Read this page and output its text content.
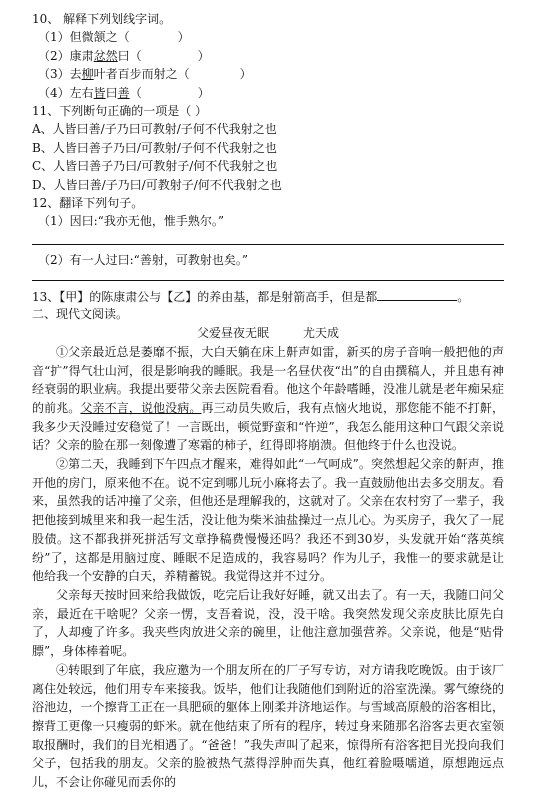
10、 解释下列划线字词。
（1）但微颔之（	）
（2）康肃忿然曰（	）
（3）去柳叶者百步而射之（	）
（4）左右皆曰善（	）
11、下列断句正确的一项是（ ）
A、人皆曰善/子乃曰可教射/子何不代我射之也
B、人皆曰善子乃曰/可教射/子何不代我射之也
C、人皆曰善子乃曰/可教射子/何不代我射之也
D、人皆曰善/子乃曰/可教射子/何不代我射之也
12、翻译下列句子。
（1）因曰:“我亦无他，惟手熟尔。”
（2）有一人过曰:“善射，可教射也矣。”
13、【甲】的陈康肃公与【乙】的养由基，都是射箭高手，但是都	。
二、现代文阅读。
父爱昼夜无眠	尤天成
①父亲最近总是萎靡不振，大白天躺在床上鼾声如雷，新买的房子音响一般把他的声音“扩”得气壮山河，很是影响我的睡眠。我是一名昼伏夜“出”的自由撰稿人，并且患有神经衰弱的职业病。我提出要带父亲去医院看看。他这个年龄嗜睡，没准儿就是老年痴呆症的前兆。父亲不言，说他没病。再三动员失败后，我有点恼火地说，那您能不能不打鼾，我多少天没睡过安稳觉了！一言既出，顿觉野蛮和“忤逆”，我怎么能用这种口气跟父亲说话？父亲的脸在那一刻像遭了寒霜的柿子，红得即将崩溃。但他终于什么也没说。
②第二天，我睡到下午四点才醒来，难得如此“一气呵成”。突然想起父亲的鼾声，推开他的房门，原来他不在。说不定到哪儿玩小麻将去了。我一直鼓励他出去多交朋友。看来，虽然我的话冲撞了父亲，但他还是理解我的，这就对了。父亲在农村穷了一辈子，我把他接到城里来和我一起生活，没让他为柴米油盐操过一点儿心。为买房子，我欠了一屁股债。这不都我拼死拼活写文章挣稿费慢慢还吗？我还不到30岁，头发就开始“落英缤纷”了，这都是用脑过度、睡眠不足造成的，我容易吗？作为儿子，我惟一的要求就是让他给我一个安静的白天，养精蓄锐。我觉得这并不过分。
父亲每天按时回来给我做饭，吃完后让我好好睡，就又出去了。有一天，我随口问父亲，最近在干啥呢？父亲一愣，支吾着说，没，没干啥。我突然发现父亲皮肤比原先白了，人却瘦了许多。我夹些肉放进父亲的碗里，让他注意加强营养。父亲说，他是“贴骨膘”，身体棒着呢。
④转眼到了年底，我应邀为一个朋友所在的厂子写专访，对方请我吃晚饭。由于该厂离住处较远，他们用专车来接我。饭毕，他们让我随他们到附近的浴室洗澡。雾气缭绕的浴池边，一个擦背工正在一具肥硕的躯体上刚柔并济地运作。与雪域高原般的浴客相比，擦背工更像一只瘦弱的虾米。就在他结束了所有的程序，转过身来随那名浴客去更衣室领取报酬时，我们的目光相遇了。“爸爸！”我失声叫了起来，惊得所有浴客把目光投向我们父子，包括我的朋友。父亲的脸被热气蒸得浮肿而失真，他红着脸嗫嚅道，原想跑远点儿，不会让你碰见而丢你的
